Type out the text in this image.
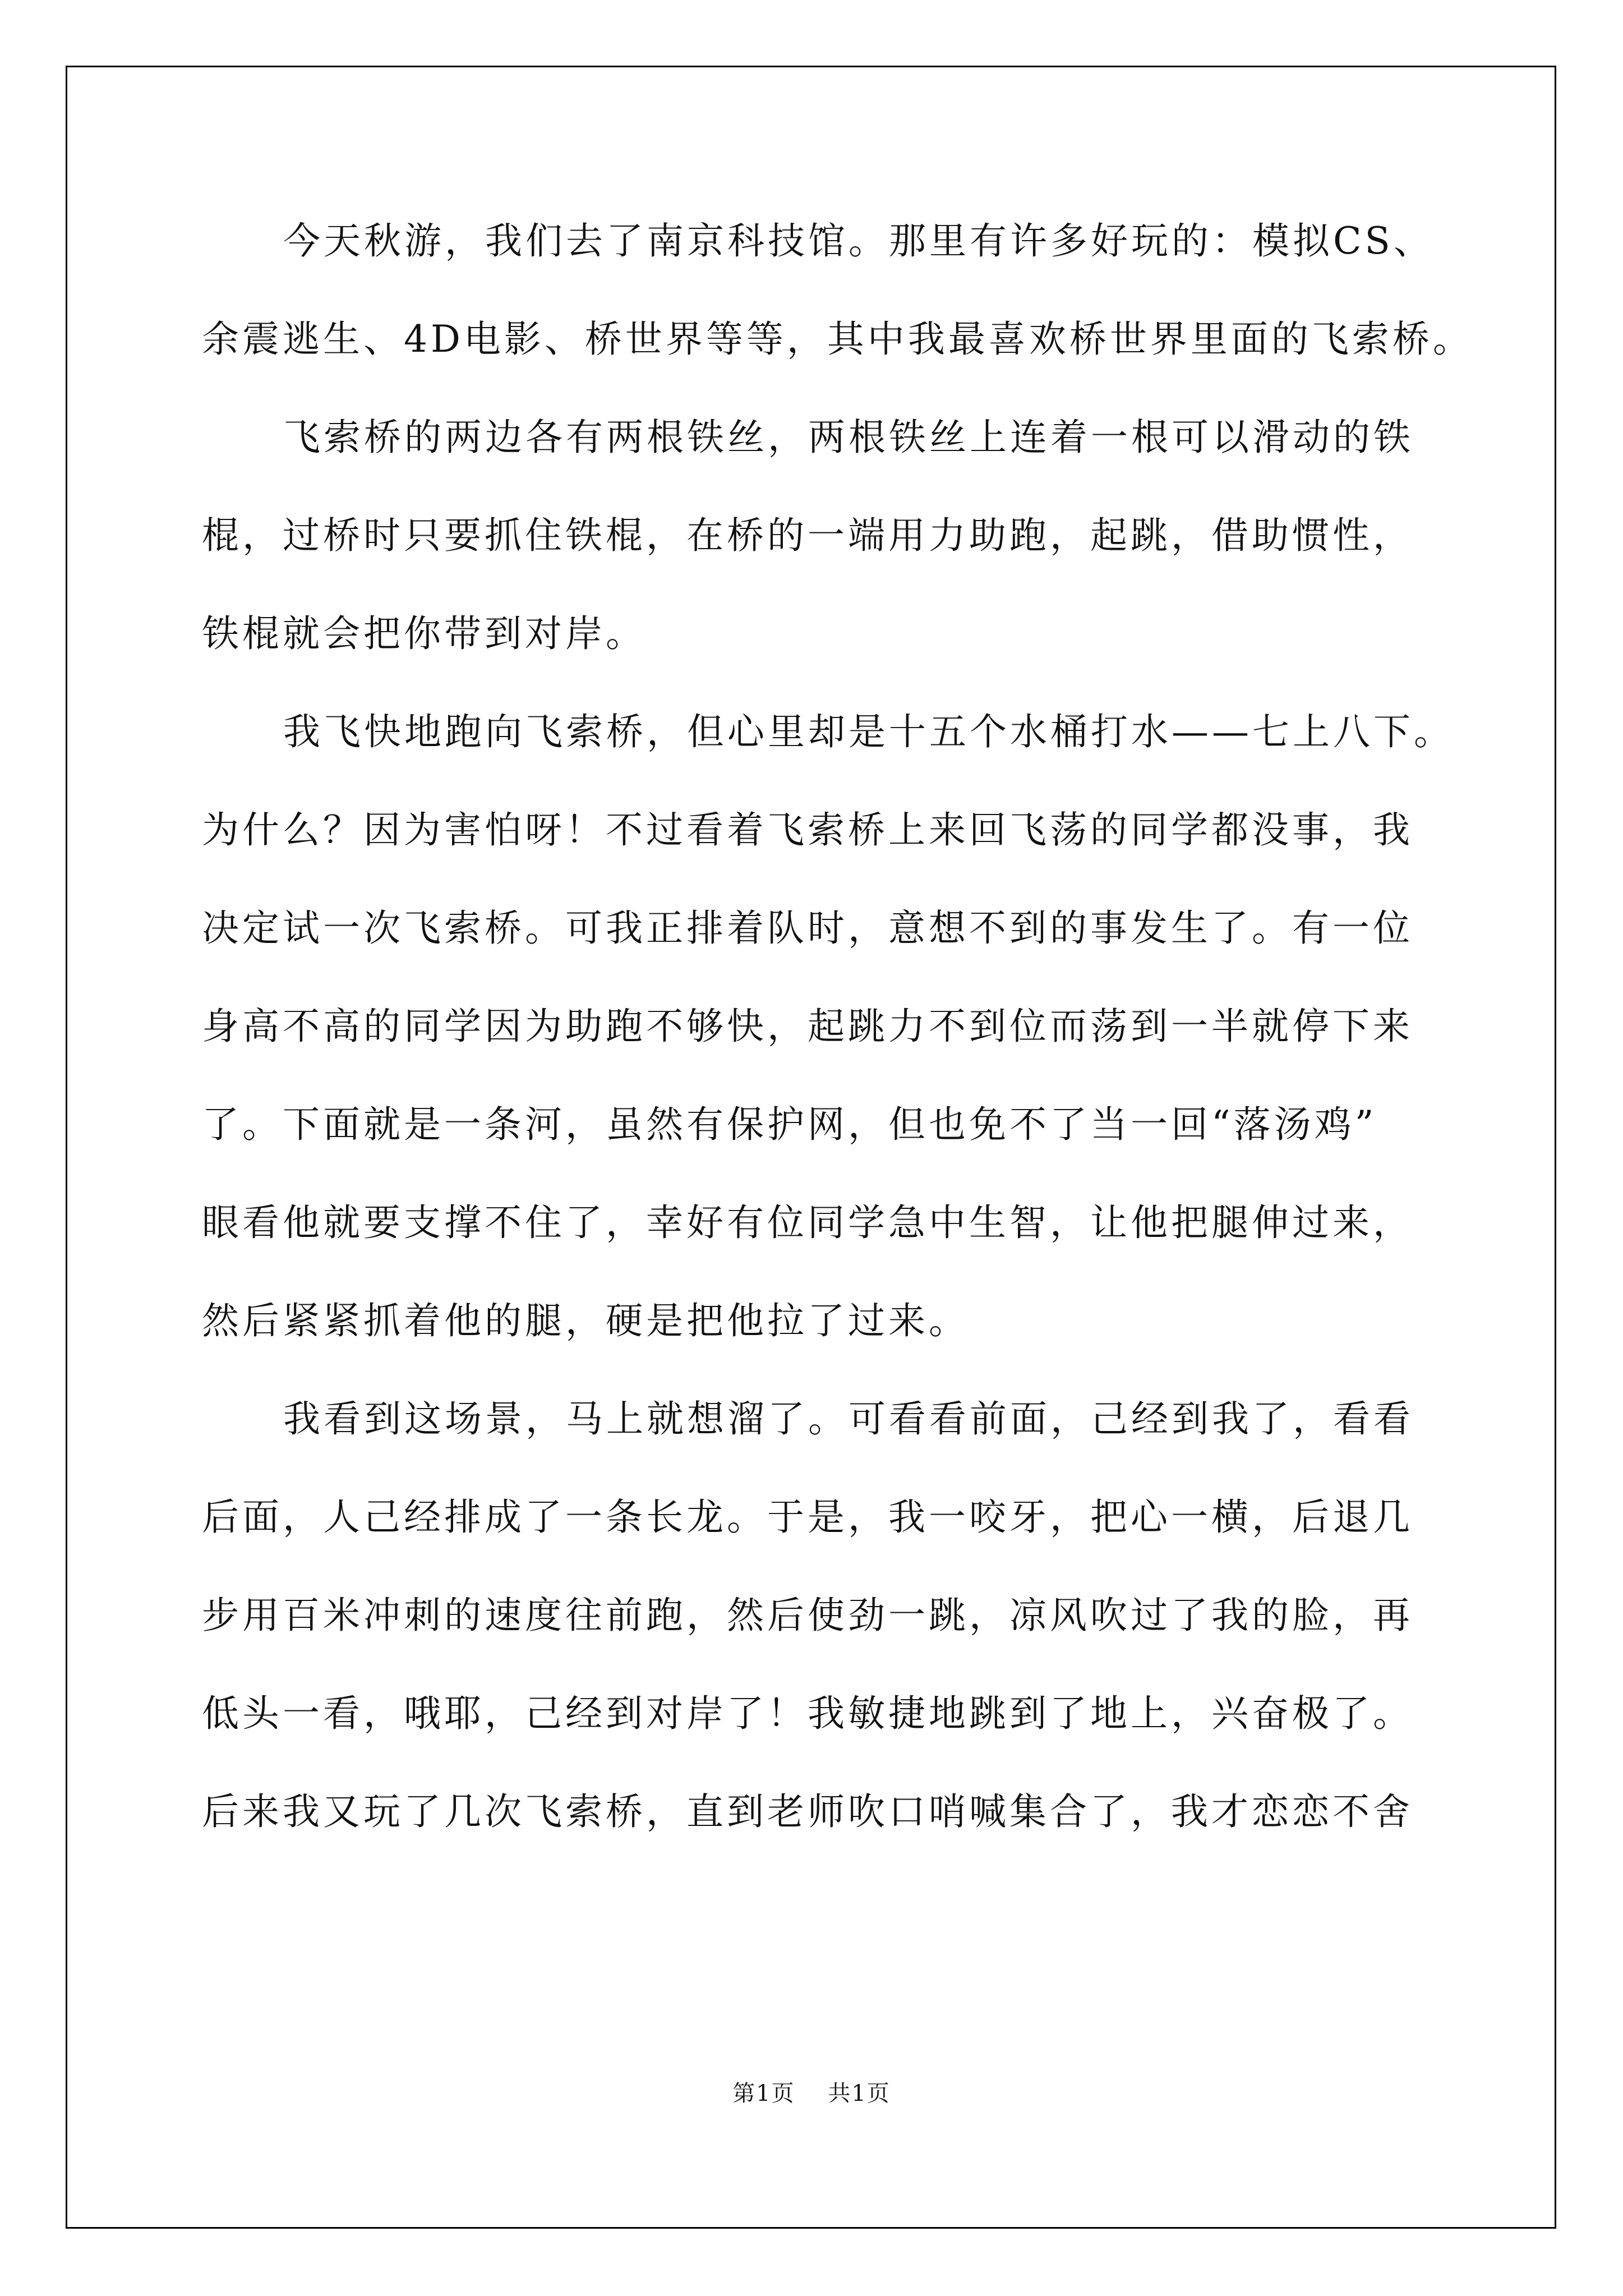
今天秋游，我们去了南京科技馆。那里有许多好玩的：模拟CS、
余震逃生、4D电影、桥世界等等，其中我最喜欢桥世界里面的飞索桥。
飞索桥的两边各有两根铁丝，两根铁丝上连着一根可以滑动的铁
棍，过桥时只要抓住铁棍，在桥的一端用力助跑，起跳，借助惯性，
铁棍就会把你带到对岸。
我飞快地跑向飞索桥，但心里却是十五个水桶打水——七上八下。
为什么？因为害怕呀！不过看着飞索桥上来回飞荡的同学都没事，我
决定试一次飞索桥。可我正排着队时，意想不到的事发生了。有一位
身高不高的同学因为助跑不够快，起跳力不到位而荡到一半就停下来
了。下面就是一条河，虽然有保护网，但也免不了当一回“落汤鸡”
眼看他就要支撑不住了，幸好有位同学急中生智，让他把腿伸过来，
然后紧紧抓着他的腿，硬是把他拉了过来。
我看到这场景，马上就想溜了。可看看前面，己经到我了，看看
后面，人己经排成了一条长龙。于是，我一咬牙，把心一横，后退几
步用百米冲刺的速度往前跑，然后使劲一跳，凉风吹过了我的脸，再
低头一看，哦耶，己经到对岸了！我敏捷地跳到了地上，兴奋极了。
后来我又玩了几次飞索桥，直到老师吹口哨喊集合了，我才恋恋不舍
第1页 共1页
